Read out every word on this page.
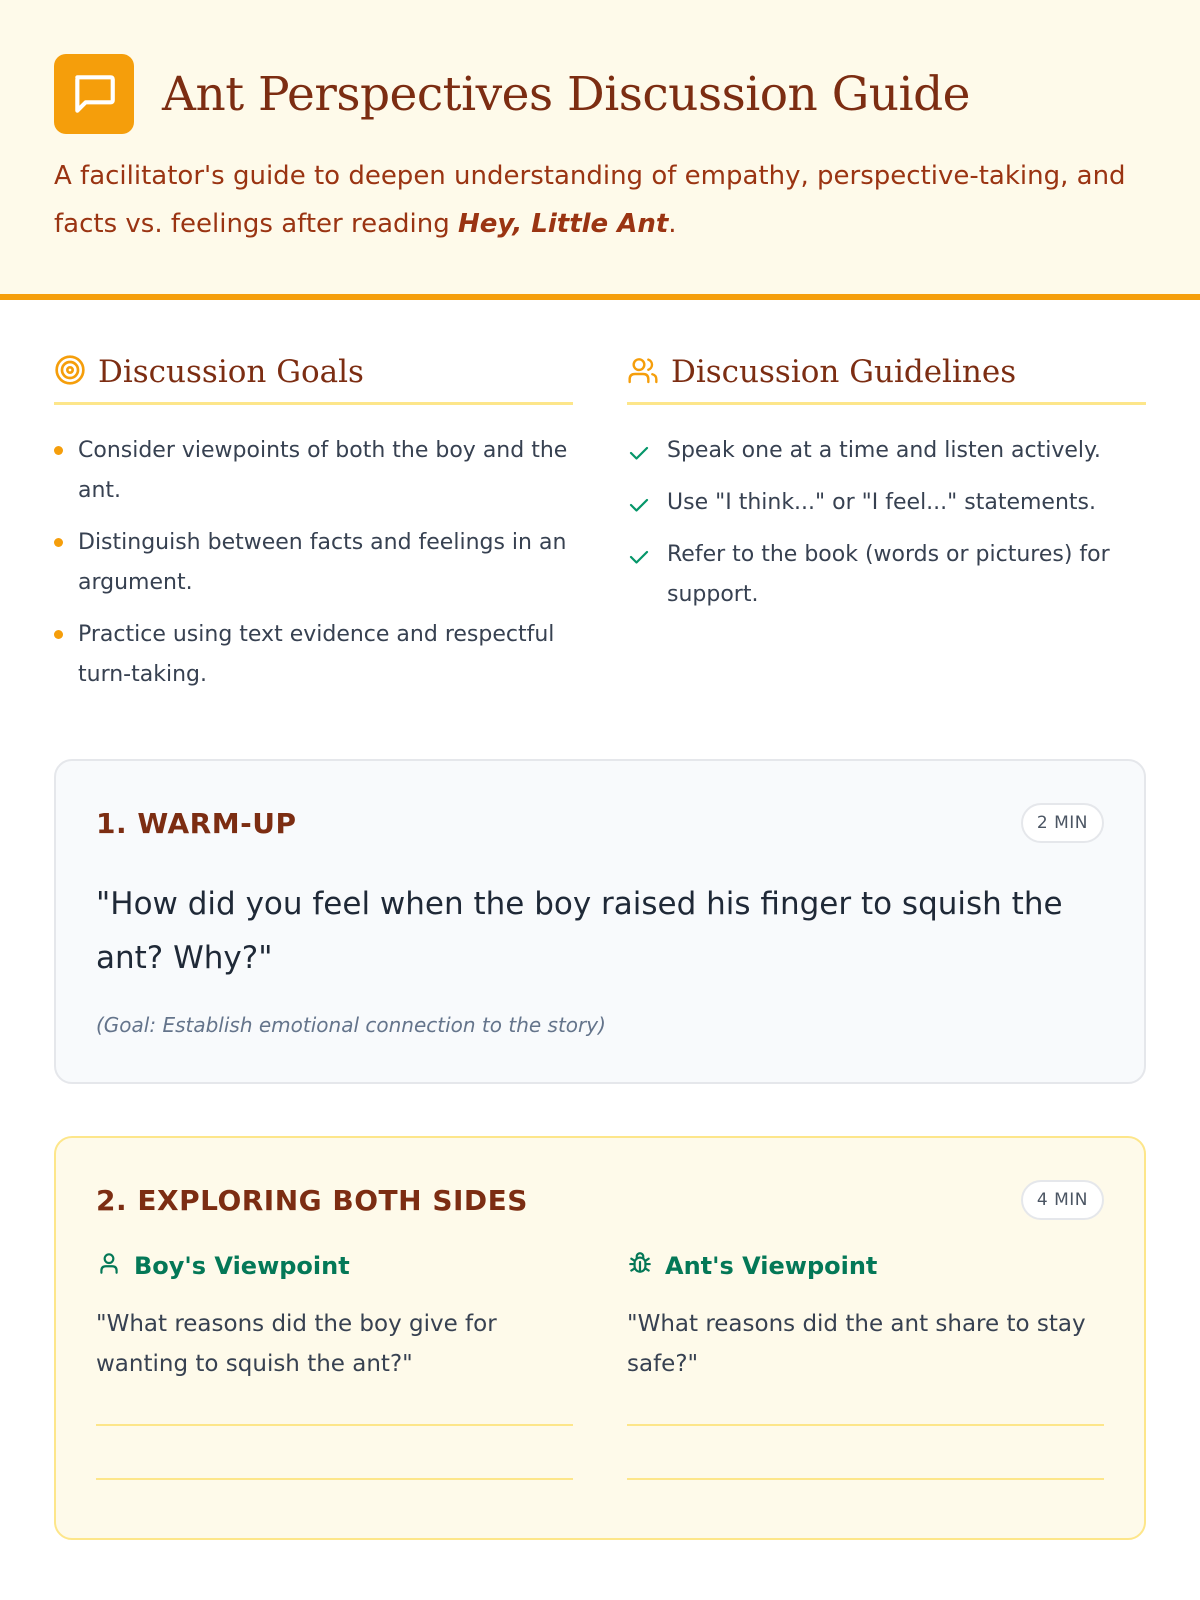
Ant Perspectives Discussion Guide

A facilitator's guide to deepen understanding of empathy, perspective-taking, and facts vs. feelings after reading Hey, Little Ant.

Discussion Goals
Consider viewpoints of both the boy and the ant.
Distinguish between facts and feelings in an argument.
Practice using text evidence and respectful turn-taking.
Discussion Guidelines
Speak one at a time and listen actively.
Use "I think..." or "I feel..." statements.
Refer to the book (words or pictures) for support.
1. WARM-UP	2 MIN

"How did you feel when the boy raised his finger to squish the ant? Why?"

(Goal: Establish emotional connection to the story)

2. EXPLORING BOTH SIDES	4 MIN
Boy's Viewpoint

"What reasons did the boy give for wanting to squish the ant?"

Ant's Viewpoint

"What reasons did the ant share to stay safe?"
